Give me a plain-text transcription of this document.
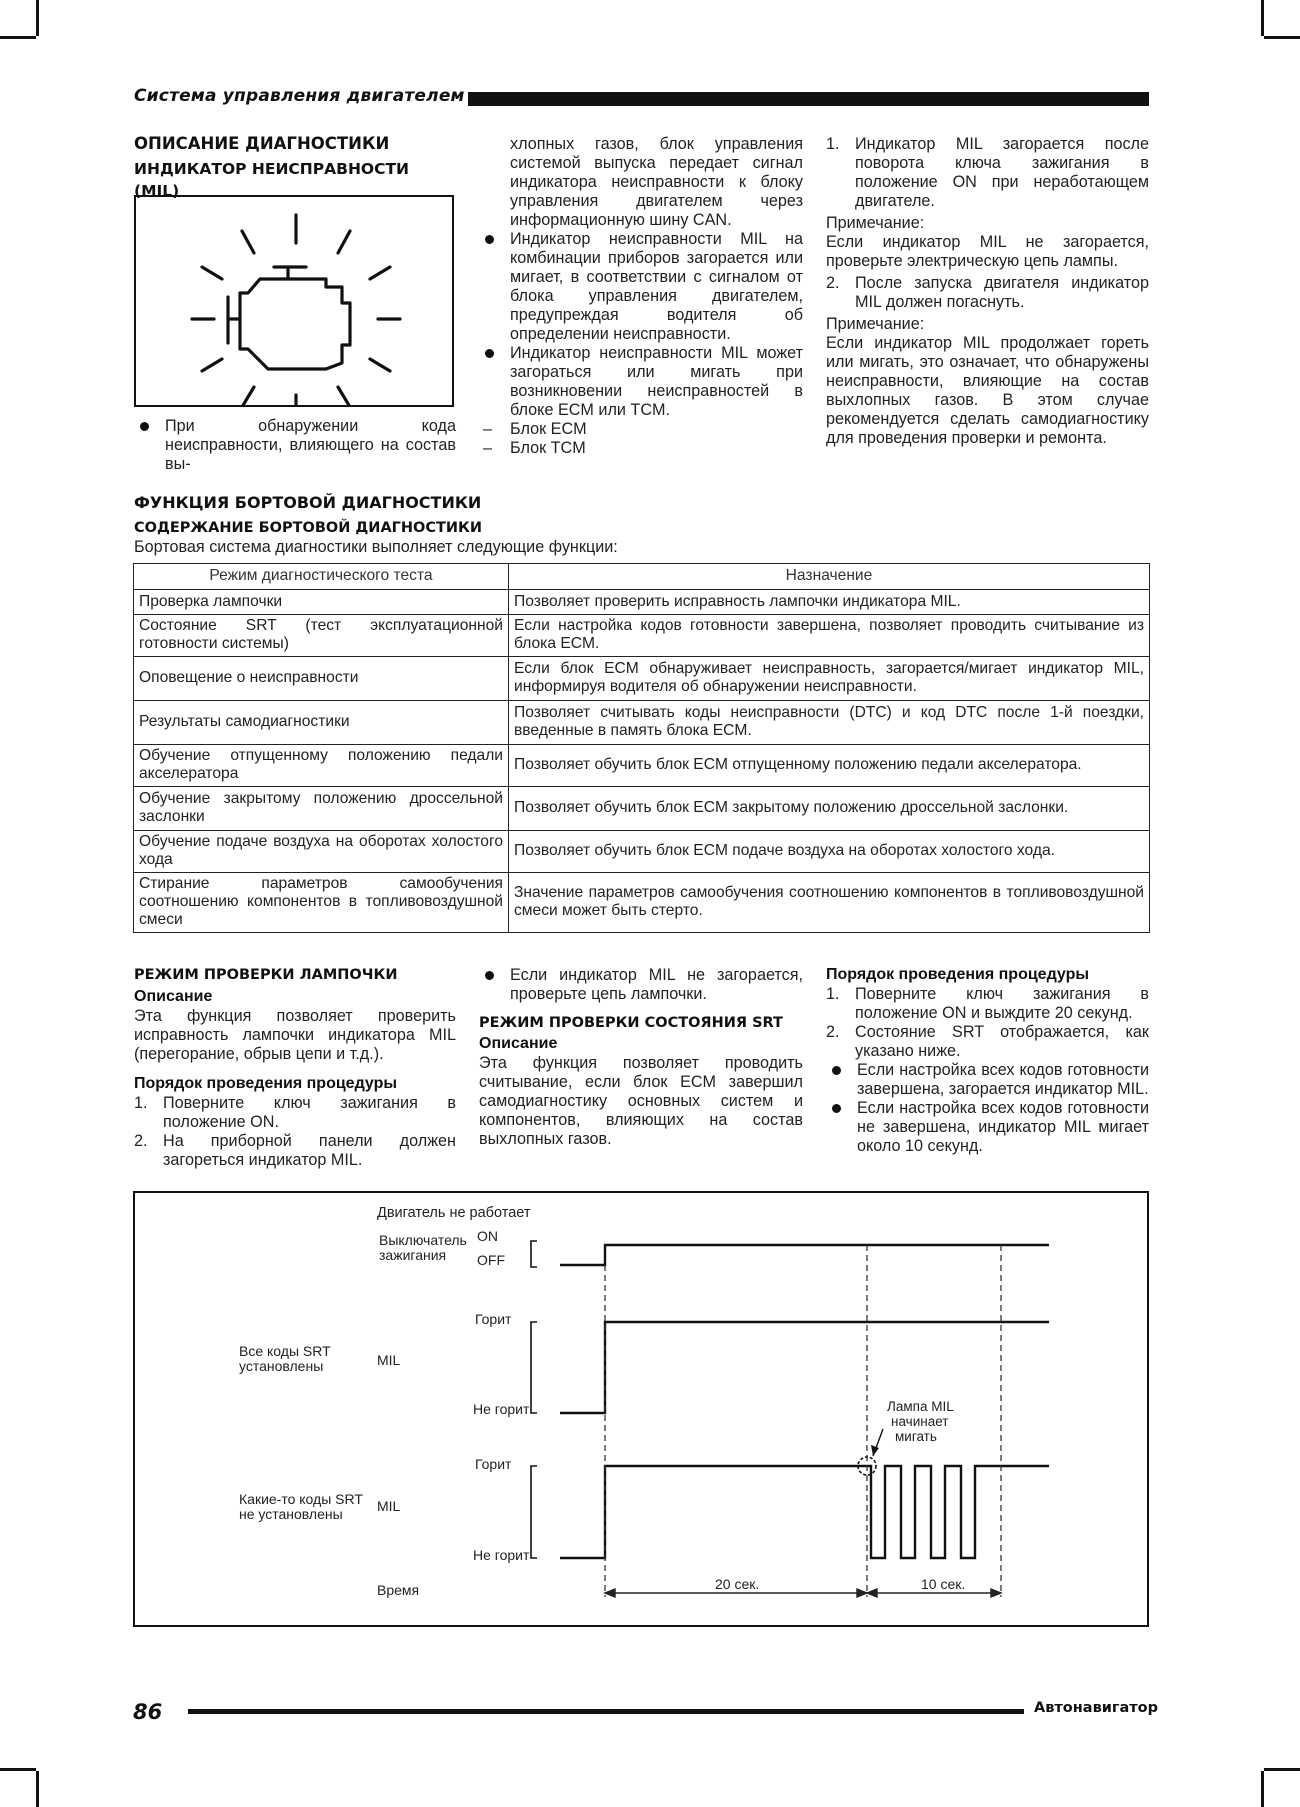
Система управления двигателем
ОПИСАНИЕ ДИАГНОСТИКИ
ИНДИКАТОР НЕИСПРАВНОСТИ (MIL)

При обнаружении кода неисправности, влияющего на состав вы-

хлопных газов, блок управления системой выпуска передает сигнал индикатора неисправности к блоку управления двигателем через информационную шину CAN.

Индикатор неисправности MIL на комбинации приборов загорается или мигает, в соответствии с сигналом от блока управления двигателем, предупреждая водителя об определении неисправности.

Индикатор неисправности MIL может загораться или мигать при возникновении неисправностей в блоке ECM или TCM.

– Блок ECM

– Блок TCM

1. Индикатор MIL загорается после поворота ключа зажигания в положение ON при неработающем двигателе.

Примечание:

Если индикатор MIL не загорается, проверьте электрическую цепь лампы.

2. После запуска двигателя индикатор MIL должен погаснуть.

Примечание:

Если индикатор MIL продолжает гореть или мигать, это означает, что обнаружены неисправности, влияющие на состав выхлопных газов. В этом случае рекомендуется сделать самодиагностику для проведения проверки и ремонта.

ФУНКЦИЯ БОРТОВОЙ ДИАГНОСТИКИ
СОДЕРЖАНИЕ БОРТОВОЙ ДИАГНОСТИКИ

Бортовая система диагностики выполняет следующие функции:

Режим диагностического теста	Назначение
Проверка лампочки	Позволяет проверить исправность лампочки индикатора MIL.
Состояние SRT (тест эксплуатационной готовности системы)	Если настройка кодов готовности завершена, позволяет проводить считывание из блока ECM.
Оповещение о неисправности	Если блок ECM обнаруживает неисправность, загорается/мигает индикатор MIL, информируя водителя об обнаружении неисправности.
Результаты самодиагностики	Позволяет считывать коды неисправности (DTC) и код DTC после 1-й поездки, введенные в память блока ECM.
Обучение отпущенному положению педали акселератора	Позволяет обучить блок ECM отпущенному положению педали акселератора.
Обучение закрытому положению дроссельной заслонки	Позволяет обучить блок ECM закрытому положению дроссельной заслонки.
Обучение подаче воздуха на оборотах холостого хода	Позволяет обучить блок ECM подаче воздуха на оборотах холостого хода.
Стирание параметров самообучения соотношению компонентов в топливовоздушной смеси	Значение параметров самообучения соотношению компонентов в топливовоздушной смеси может быть стерто.
РЕЖИМ ПРОВЕРКИ ЛАМПОЧКИ
Описание

Эта функция позволяет проверить исправность лампочки индикатора MIL (перегорание, обрыв цепи и т.д.).

Порядок проведения процедуры

1. Поверните ключ зажигания в положение ON.

2. На приборной панели должен загореться индикатор MIL.

Если индикатор MIL не загорается, проверьте цепь лампочки.

РЕЖИМ ПРОВЕРКИ СОСТОЯНИЯ SRT
Описание

Эта функция позволяет проводить считывание, если блок ECM завершил самодиагностику основных систем и компонентов, влияющих на состав выхлопных газов.

Порядок проведения процедуры

1. Поверните ключ зажигания в положение ON и выждите 20 секунд.

2. Состояние SRT отображается, как указано ниже.

Если настройка всех кодов готовности завершена, загорается индикатор MIL.

Если настройка всех кодов готовности не завершена, индикатор MIL мигает около 10 секунд.

Двигатель не работает
Выключатель
зажигания
ON
OFF
Горит
Не горит
Все коды SRT
установлены	MIL
Горит
Не горит
Какие-то коды SRT
не установлены MIL
Лампа MIL
начинает
мигать
Время	20 сек.	10 сек.
86	Автонавигатор
